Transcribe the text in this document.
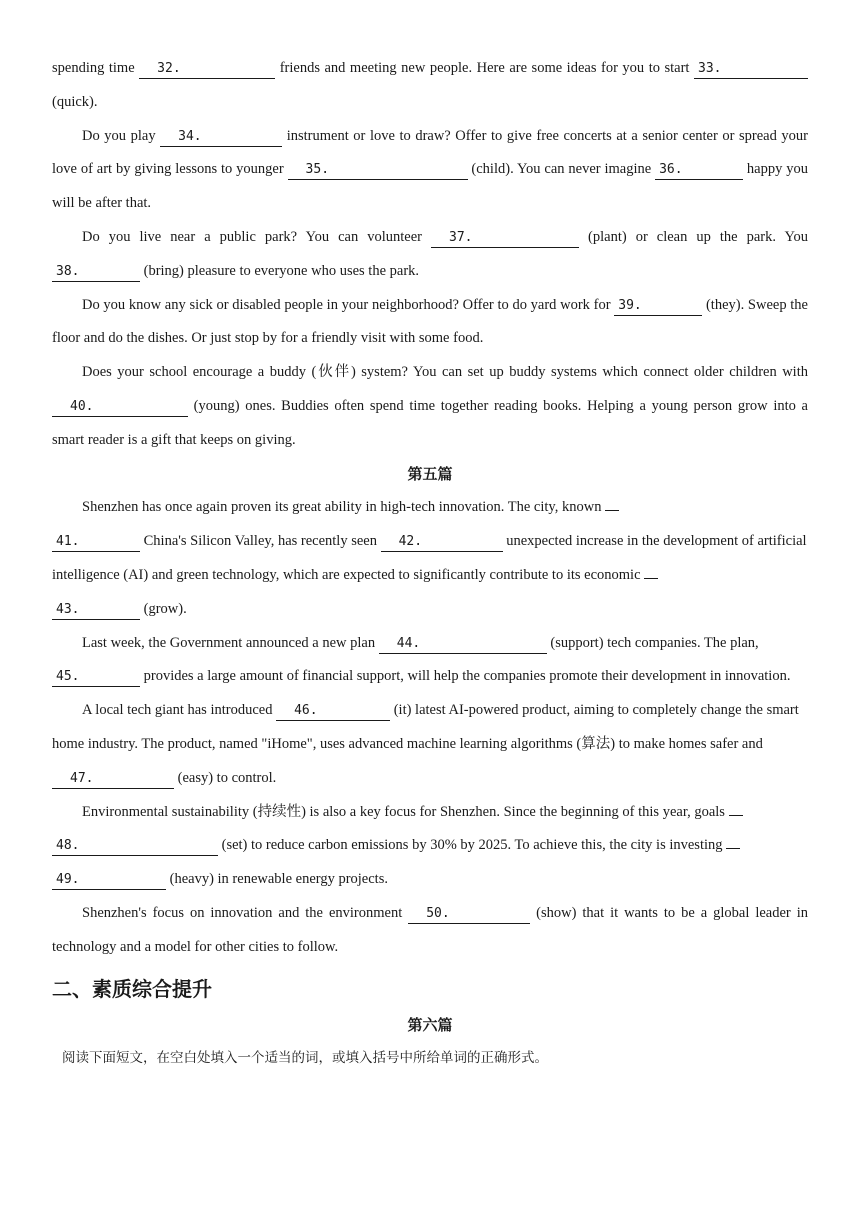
spending time 32.	friends and meeting new people. Here are some ideas for you to start 33. (quick).

Do you play 34.	instrument or love to draw? Offer to give free concerts at a senior center or spread your love of art by giving lessons to younger 35.	(child). You can never imagine 36.	happy you will be after that.

Do you live near a public park? You can volunteer 37.	(plant) or clean up the park. You 38.	(bring) pleasure to everyone who uses the park.

Do you know any sick or disabled people in your neighborhood? Offer to do yard work for 39.	(they). Sweep the floor and do the dishes. Or just stop by for a friendly visit with some food.

Does your school encourage a buddy (伙伴) system? You can set up buddy systems which connect older children with 40.	(young) ones. Buddies often spend time together reading books. Helping a young person grow into a smart reader is a gift that keeps on giving.

第五篇

Shenzhen has once again proven its great ability in high-tech innovation. The city, known
41.	China's Silicon Valley, has recently seen 42.	unexpected increase in the development of artificial intelligence (AI) and green technology, which are expected to significantly contribute to its economic
43.	(grow).

Last week, the Government announced a new plan 44.	(support) tech companies. The plan,
45.	provides a large amount of financial support, will help the companies promote their development in innovation.

A local tech giant has introduced 46.	(it) latest AI-powered product, aiming to completely change the smart home industry. The product, named "iHome", uses advanced machine learning algorithms (算法) to make homes safer and 47.	(easy) to control.

Environmental sustainability (持续性) is also a key focus for Shenzhen. Since the beginning of this year, goals
48.	(set) to reduce carbon emissions by 30% by 2025. To achieve this, the city is investing
49.	(heavy) in renewable energy projects.

Shenzhen's focus on innovation and the environment 50.	(show) that it wants to be a global leader in technology and a model for other cities to follow.

二、素质综合提升
第六篇

阅读下面短文，在空白处填入一个适当的词，或填入括号中所给单词的正确形式。
